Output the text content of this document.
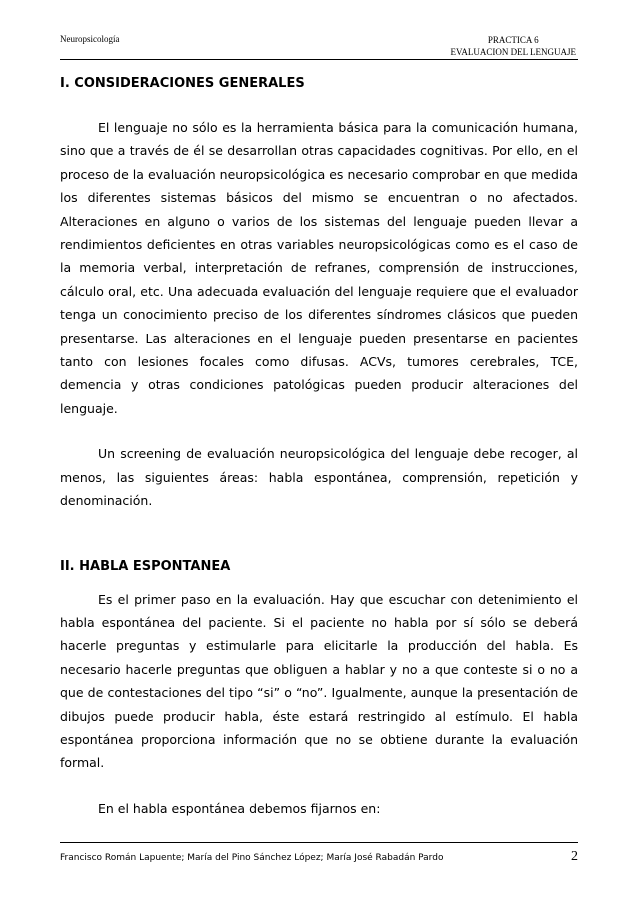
Neuropsicología	PRACTICA 6
EVALUACION DEL LENGUAJE
I. CONSIDERACIONES GENERALES

El lenguaje no sólo es la herramienta básica para la comunicación humana, sino que a través de él se desarrollan otras capacidades cognitivas. Por ello, en el proceso de la evaluación neuropsicológica es necesario comprobar en que medida los diferentes sistemas básicos del mismo se encuentran o no afectados. Alteraciones en alguno o varios de los sistemas del lenguaje pueden llevar a rendimientos deficientes en otras variables neuropsicológicas como es el caso de la memoria verbal, interpretación de refranes, comprensión de instrucciones, cálculo oral, etc. Una adecuada evaluación del lenguaje requiere que el evaluador tenga un conocimiento preciso de los diferentes síndromes clásicos que pueden presentarse. Las alteraciones en el lenguaje pueden presentarse en pacientes tanto con lesiones focales como difusas. ACVs, tumores cerebrales, TCE, demencia y otras condiciones patológicas pueden producir alteraciones del lenguaje.

Un screening de evaluación neuropsicológica del lenguaje debe recoger, al menos, las siguientes áreas: habla espontánea, comprensión, repetición y denominación.

II. HABLA ESPONTANEA

Es el primer paso en la evaluación. Hay que escuchar con detenimiento el habla espontánea del paciente. Si el paciente no habla por sí sólo se deberá hacerle preguntas y estimularle para elicitarle la producción del habla. Es necesario hacerle preguntas que obliguen a hablar y no a que conteste si o no a que de contestaciones del tipo “si” o “no”. Igualmente, aunque la presentación de dibujos puede producir habla, éste estará restringido al estímulo. El habla espontánea proporciona información que no se obtiene durante la evaluación formal.

En el habla espontánea debemos fijarnos en:

Francisco Román Lapuente; María del Pino Sánchez López; María José Rabadán Pardo	2
